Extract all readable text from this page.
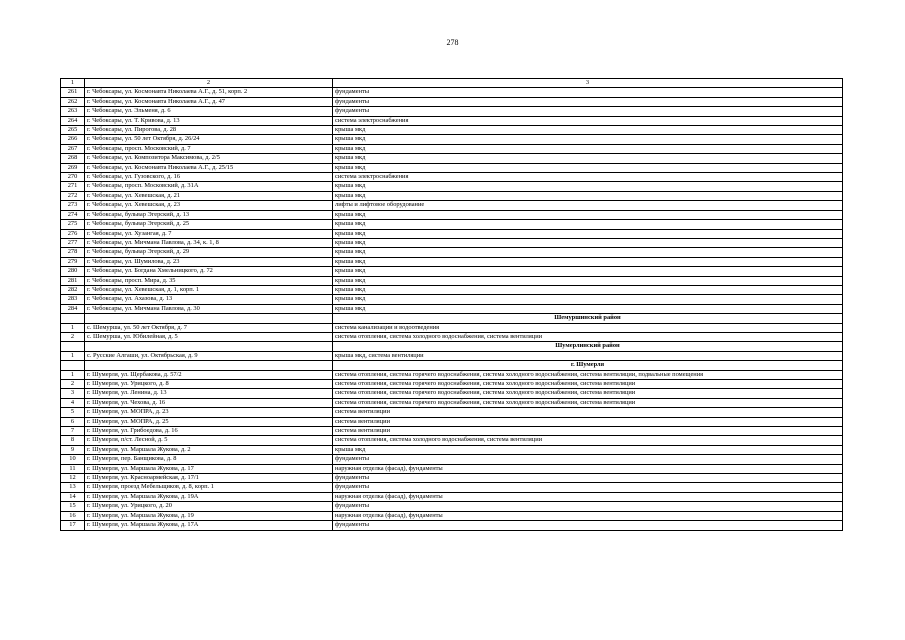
278
1	2	3
261	г. Чебоксары, ул. Космонавта Николаева А.Г., д. 51, корп. 2	фундаменты
262	г. Чебоксары, ул. Космонавта Николаева А.Г., д. 47	фундаменты
263	г. Чебоксары, ул. Эльменя, д. 6	фундаменты
264	г. Чебоксары, ул. Т. Кривова, д. 13	система электроснабжения
265	г. Чебоксары, ул. Пирогова, д. 28	крыша мкд
266	г. Чебоксары, ул. 50 лет Октября, д. 26/24	крыша мкд
267	г. Чебоксары, просп. Московский, д. 7	крыша мкд
268	г. Чебоксары, ул. Композитора Максимова, д. 2/5	крыша мкд
269	г. Чебоксары, ул. Космонавта Николаева А.Г., д. 25/15	крыша мкд
270	г. Чебоксары, ул. Гузовского, д. 16	система электроснабжения
271	г. Чебоксары, просп. Московский, д. 31А	крыша мкд
272	г. Чебоксары, ул. Хевешская, д. 21	крыша мкд
273	г. Чебоксары, ул. Хевешская, д. 23	лифты и лифтовое оборудование
274	г. Чебоксары, бульвар Эгерский, д. 13	крыша мкд
275	г. Чебоксары, бульвар Эгерский, д. 25	крыша мкд
276	г. Чебоксары, ул. Хузангая, д. 7	крыша мкд
277	г. Чебоксары, ул. Мичмана Павлова, д. 34, к. 1, 8	крыша мкд
278	г. Чебоксары, бульвар Эгерский, д. 29	крыша мкд
279	г. Чебоксары, ул. Шумилова, д. 23	крыша мкд
280	г. Чебоксары, ул. Богдана Хмельницкого, д. 72	крыша мкд
281	г. Чебоксары, просп. Мира, д. 35	крыша мкд
282	г. Чебоксары, ул. Хевешская, д. 1, корп. 1	крыша мкд
283	г. Чебоксары, ул. Ахазова, д. 13	крыша мкд
284	г. Чебоксары, ул. Мичмана Павлова, д. 30	крыша мкд
		Шемуршинский район
1	с. Шемурша, ул. 50 лет Октября, д. 7	система канализации и водоотведения
2	с. Шемурша, ул. Юбилейная, д. 5	система отопления, система холодного водоснабжения, система вентиляции
		Шумерлинский район
1	с. Русские Алгаши, ул. Октябрьская, д. 9	крыша мкд, система вентиляции
		г. Шумерля
1	г. Шумерля, ул. Щербакова, д. 57/2	система отопления, система горячего водоснабжения, система холодного водоснабжения, система вентиляции, подвальные помещения
2	г. Шумерля, ул. Урицкого, д. 8	система отопления, система горячего водоснабжения, система холодного водоснабжения, система вентиляции
3	г. Шумерля, ул. Ленина, д. 13	система отопления, система горячего водоснабжения, система холодного водоснабжения, система вентиляции
4	г. Шумерля, ул. Чехова, д. 16	система отопления, система горячего водоснабжения, система холодного водоснабжения, система вентиляции
5	г. Шумерля, ул. МОПРА, д. 23	система вентиляции
6	г. Шумерля, ул. МОПРА, д. 25	система вентиляции
7	г. Шумерля, ул. Грибоедова, д. 16	система вентиляции
8	г. Шумерля, п/ст. Лесной, д. 5	система отопления, система холодного водоснабжения, система вентиляции
9	г. Шумерля, ул. Маршала Жукова, д. 2	крыша мкд
10	г. Шумерля, пер. Банщикова, д. 8	фундаменты
11	г. Шумерля, ул. Маршала Жукова, д. 17	наружная отделка (фасад), фундаменты
12	г. Шумерля, ул. Красноармейская, д. 17/1	фундаменты
13	г. Шумерля, проезд Мебельщиков, д. 8, корп. 1	фундаменты
14	г. Шумерля, ул. Маршала Жукова, д. 19А	наружная отделка (фасад), фундаменты
15	г. Шумерля, ул. Урицкого, д. 20	фундаменты
16	г. Шумерля, ул. Маршала Жукова, д. 19	наружная отделка (фасад), фундаменты
17	г. Шумерля, ул. Маршала Жукова, д. 17А	фундаменты
